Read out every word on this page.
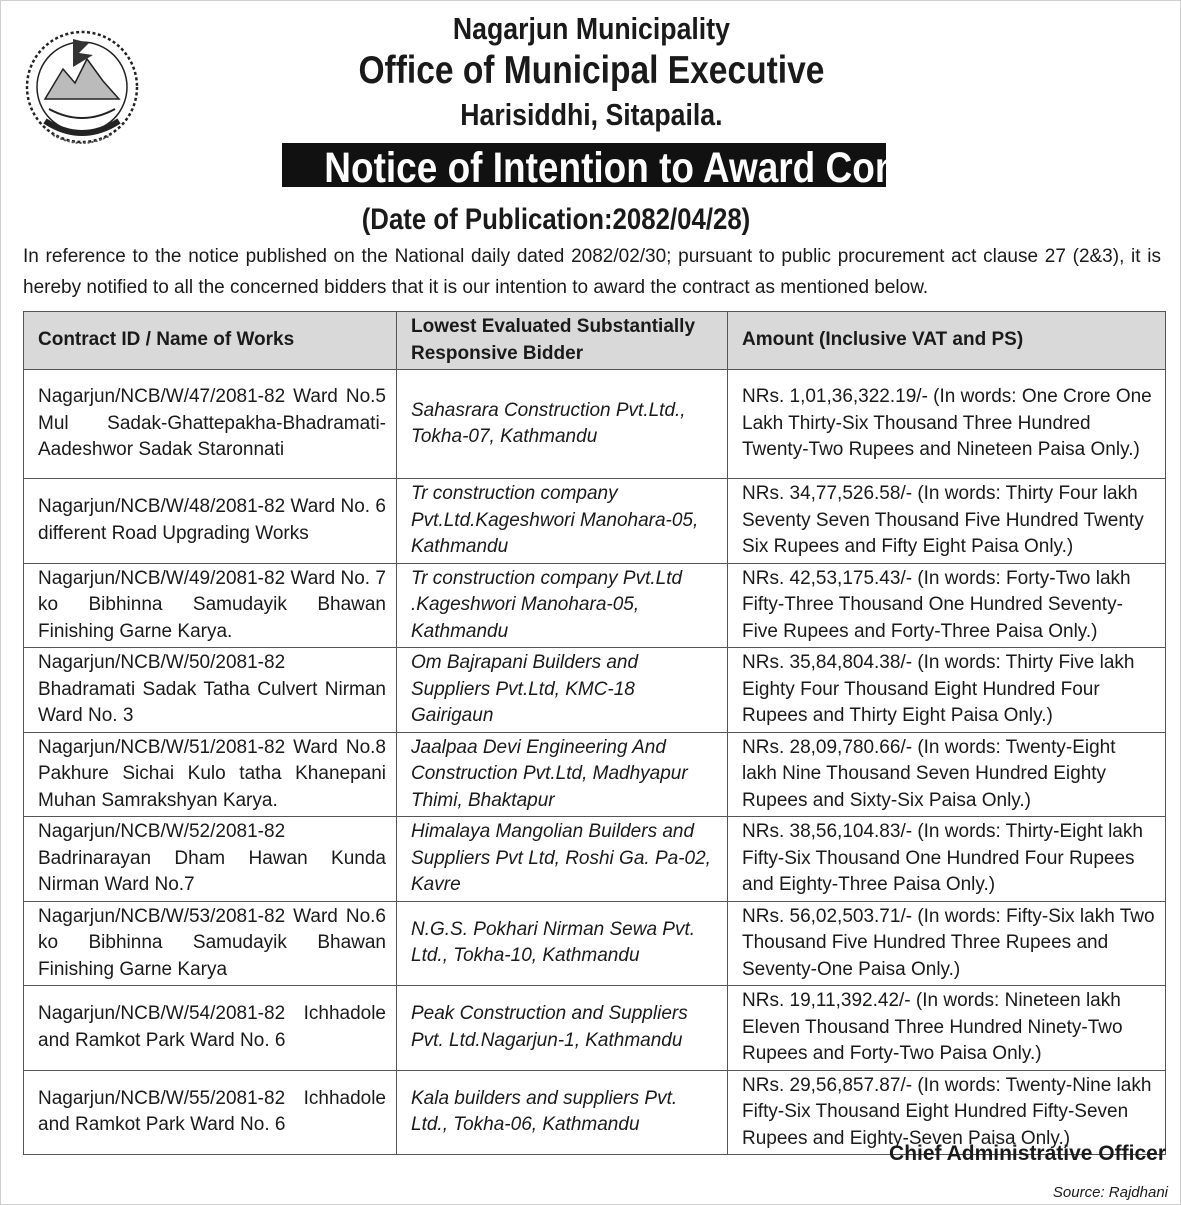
Nagarjun Municipality
Office of Municipal Executive
Harisiddhi, Sitapaila.
Notice of Intention to Award Contract
(Date of Publication:2082/04/28)
In reference to the notice published on the National daily dated 2082/02/30; pursuant to public procurement act clause 27 (2&3), it is hereby notified to all the concerned bidders that it is our intention to award the contract as mentioned below.
Contract ID / Name of Works	Lowest Evaluated Substantially Responsive Bidder	Amount (Inclusive VAT and PS)
Nagarjun/NCB/W/47/2081-82 Ward No.5 Mul Sadak-Ghattepakha-Bhadramati-Aadeshwor Sadak Staronnati	Sahasrara Construction Pvt.Ltd., Tokha-07, Kathmandu	NRs. 1,01,36,322.19/- (In words: One Crore One Lakh Thirty-Six Thousand Three Hundred Twenty-Two Rupees and Nineteen Paisa Only.)
Nagarjun/NCB/W/48/2081-82 Ward No. 6 different Road Upgrading Works	Tr construction company Pvt.Ltd.Kageshwori Manohara-05, Kathmandu	NRs. 34,77,526.58/- (In words: Thirty Four lakh Seventy Seven Thousand Five Hundred Twenty Six Rupees and Fifty Eight Paisa Only.)
Nagarjun/NCB/W/49/2081-82 Ward No. 7 ko Bibhinna Samudayik Bhawan Finishing Garne Karya.	Tr construction company Pvt.Ltd .Kageshwori Manohara-05, Kathmandu	NRs. 42,53,175.43/- (In words: Forty-Two lakh Fifty-Three Thousand One Hundred Seventy-Five Rupees and Forty-Three Paisa Only.)
Nagarjun/NCB/W/50/2081-82 Bhadramati Sadak Tatha Culvert Nirman Ward No. 3	Om Bajrapani Builders and Suppliers Pvt.Ltd, KMC-18 Gairigaun	NRs. 35,84,804.38/- (In words: Thirty Five lakh Eighty Four Thousand Eight Hundred Four Rupees and Thirty Eight Paisa Only.)
Nagarjun/NCB/W/51/2081-82 Ward No.8 Pakhure Sichai Kulo tatha Khanepani Muhan Samrakshyan Karya.	Jaalpaa Devi Engineering And Construction Pvt.Ltd, Madhyapur Thimi, Bhaktapur	NRs. 28,09,780.66/- (In words: Twenty-Eight lakh Nine Thousand Seven Hundred Eighty Rupees and Sixty-Six Paisa Only.)
Nagarjun/NCB/W/52/2081-82 Badrinarayan Dham Hawan Kunda Nirman Ward No.7	Himalaya Mangolian Builders and Suppliers Pvt Ltd, Roshi Ga. Pa-02, Kavre	NRs. 38,56,104.83/- (In words: Thirty-Eight lakh Fifty-Six Thousand One Hundred Four Rupees and Eighty-Three Paisa Only.)
Nagarjun/NCB/W/53/2081-82 Ward No.6 ko Bibhinna Samudayik Bhawan Finishing Garne Karya	N.G.S. Pokhari Nirman Sewa Pvt. Ltd., Tokha-10, Kathmandu	NRs. 56,02,503.71/- (In words: Fifty-Six lakh Two Thousand Five Hundred Three Rupees and Seventy-One Paisa Only.)
Nagarjun/NCB/W/54/2081-82 Ichhadole and Ramkot Park Ward No. 6	Peak Construction and Suppliers Pvt. Ltd.Nagarjun-1, Kathmandu	NRs. 19,11,392.42/- (In words: Nineteen lakh Eleven Thousand Three Hundred Ninety-Two Rupees and Forty-Two Paisa Only.)
Nagarjun/NCB/W/55/2081-82 Ichhadole and Ramkot Park Ward No. 6	Kala builders and suppliers Pvt. Ltd., Tokha-06, Kathmandu	NRs. 29,56,857.87/- (In words: Twenty-Nine lakh Fifty-Six Thousand Eight Hundred Fifty-Seven Rupees and Eighty-Seven Paisa Only.)
Chief Administrative Officer
Source: Rajdhani
